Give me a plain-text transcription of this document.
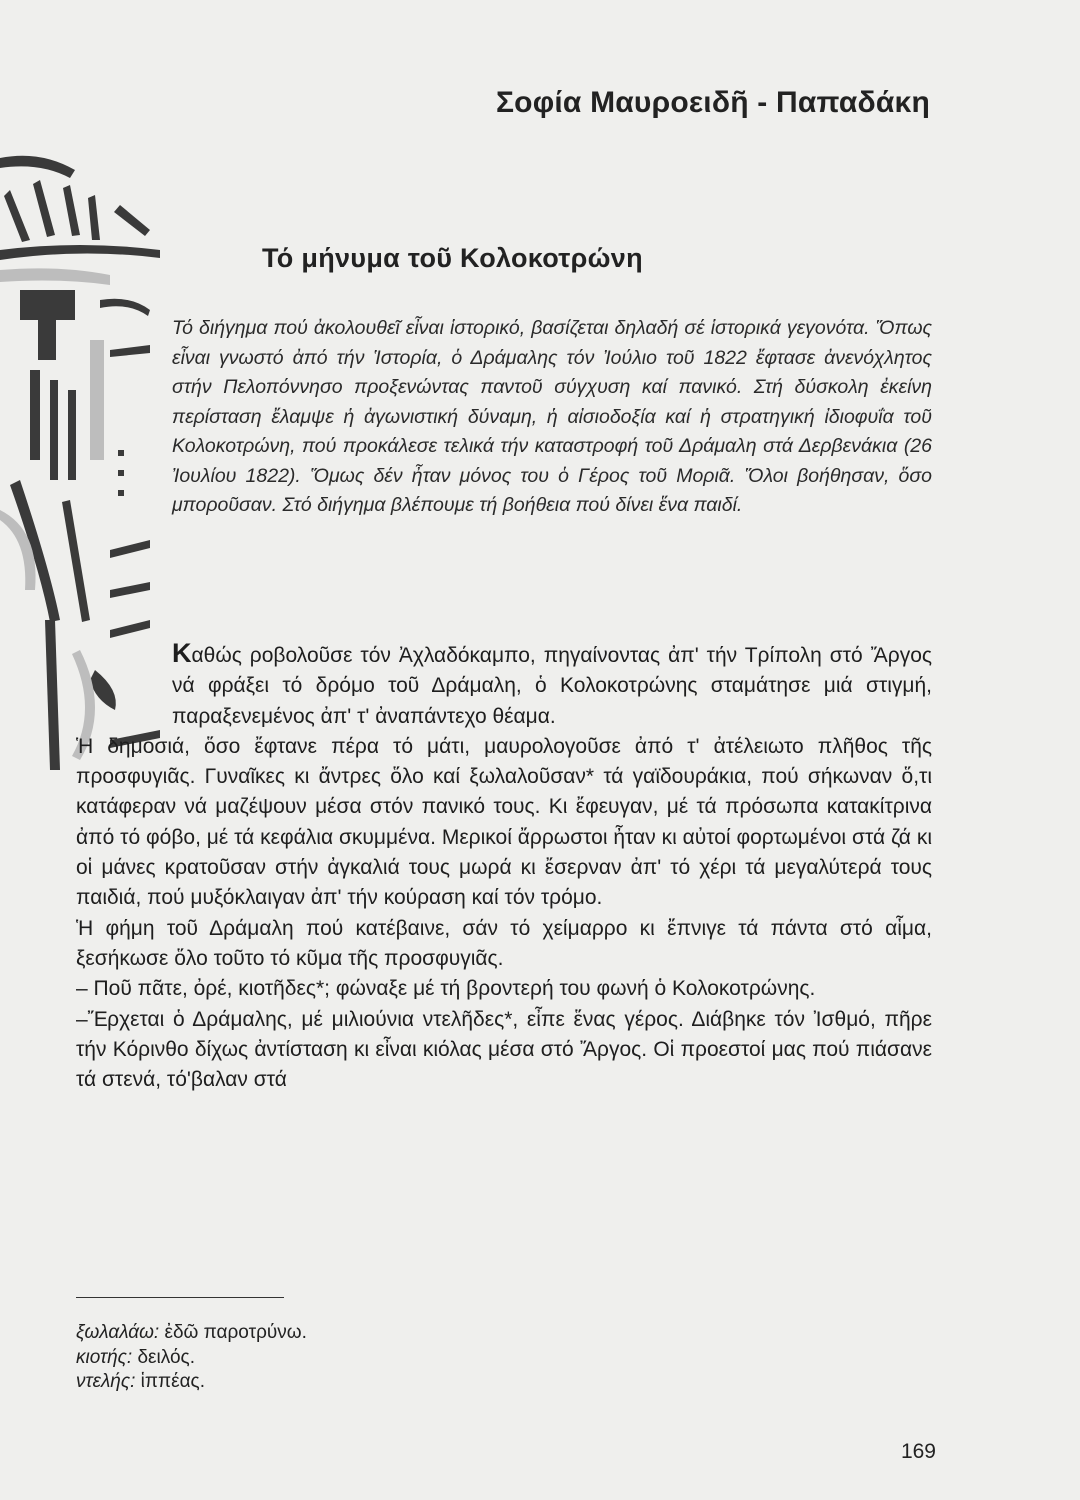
Σοφία Μαυροειδῆ - Παπαδάκη
Τό μήνυμα τοῦ Κολοκοτρώνη
Τό διήγημα πού ἀκολουθεῖ εἶναι ἱστορικό, βασίζεται δηλαδή σέ ἱστορικά γεγονότα. Ὅπως εἶναι γνωστό ἀπό τήν Ἱστορία, ὁ Δράμαλης τόν Ἰούλιο τοῦ 1822 ἔφτασε ἀνενόχλητος στήν Πελοπόννησο προξενώντας παντοῦ σύγχυση καί πανικό. Στή δύσκολη ἐκείνη περίσταση ἔλαμψε ἡ ἀγωνιστική δύναμη, ἡ αἰσιοδοξία καί ἡ στρατηγική ἰδιοφυΐα τοῦ Κολοκοτρώνη, πού προκάλεσε τελικά τήν καταστροφή τοῦ Δράμαλη στά Δερβενάκια (26 Ἰουλίου 1822). Ὅμως δέν ἦταν μόνος του ὁ Γέρος τοῦ Μοριᾶ. Ὅλοι βοήθησαν, ὅσο μποροῦσαν. Στό διήγημα βλέπουμε τή βοήθεια πού δίνει ἕνα παιδί.

Καθώς ροβολοῦσε τόν Ἀχλαδόκαμπο, πηγαίνοντας ἀπ' τήν Τρίπολη στό Ἄργος νά φράξει τό δρόμο τοῦ Δράμαλη, ὁ Κολοκοτρώνης σταμάτησε μιά στιγμή, παραξενεμένος ἀπ' τ' ἀναπάντεχο θέαμα.

Ἡ δημοσιά, ὅσο ἔφτανε πέρα τό μάτι, μαυρολογοῦσε ἀπό τ' ἀτέλειωτο πλῆθος τῆς προσφυγιᾶς. Γυναῖκες κι ἄντρες ὅλο καί ξωλαλοῦσαν* τά γαϊδουράκια, πού σήκωναν ὅ,τι κατάφεραν νά μαζέψουν μέσα στόν πανικό τους. Κι ἔφευγαν, μέ τά πρόσωπα κατακίτρινα ἀπό τό φόβο, μέ τά κεφάλια σκυμμένα. Μερικοί ἄρρωστοι ἦταν κι αὐτοί φορτωμένοι στά ζά κι οἱ μάνες κρατοῦσαν στήν ἀγκαλιά τους μωρά κι ἔσερναν ἀπ' τό χέρι τά μεγαλύτερά τους παιδιά, πού μυξόκλαιγαν ἀπ' τήν κούραση καί τόν τρόμο.

Ἡ φήμη τοῦ Δράμαλη πού κατέβαινε, σάν τό χείμαρρο κι ἔπνιγε τά πάντα στό αἷμα, ξεσήκωσε ὅλο τοῦτο τό κῦμα τῆς προσφυγιᾶς.

– Ποῦ πᾶτε, ὀρέ, κιοτῆδες*; φώναξε μέ τή βροντερή του φωνή ὁ Κολοκοτρώνης.

–Ἔρχεται ὁ Δράμαλης, μέ μιλιούνια ντελῆδες*, εἶπε ἕνας γέρος. Διάβηκε τόν Ἰσθμό, πῆρε τήν Κόρινθο δίχως ἀντίσταση κι εἶναι κιόλας μέσα στό Ἄργος. Οἱ προεστοί μας πού πιάσανε τά στενά, τό'βαλαν στά

ξωλαλάω: ἐδῶ παροτρύνω.
κιοτής: δειλός.
ντελής: ἱππέας.
169
